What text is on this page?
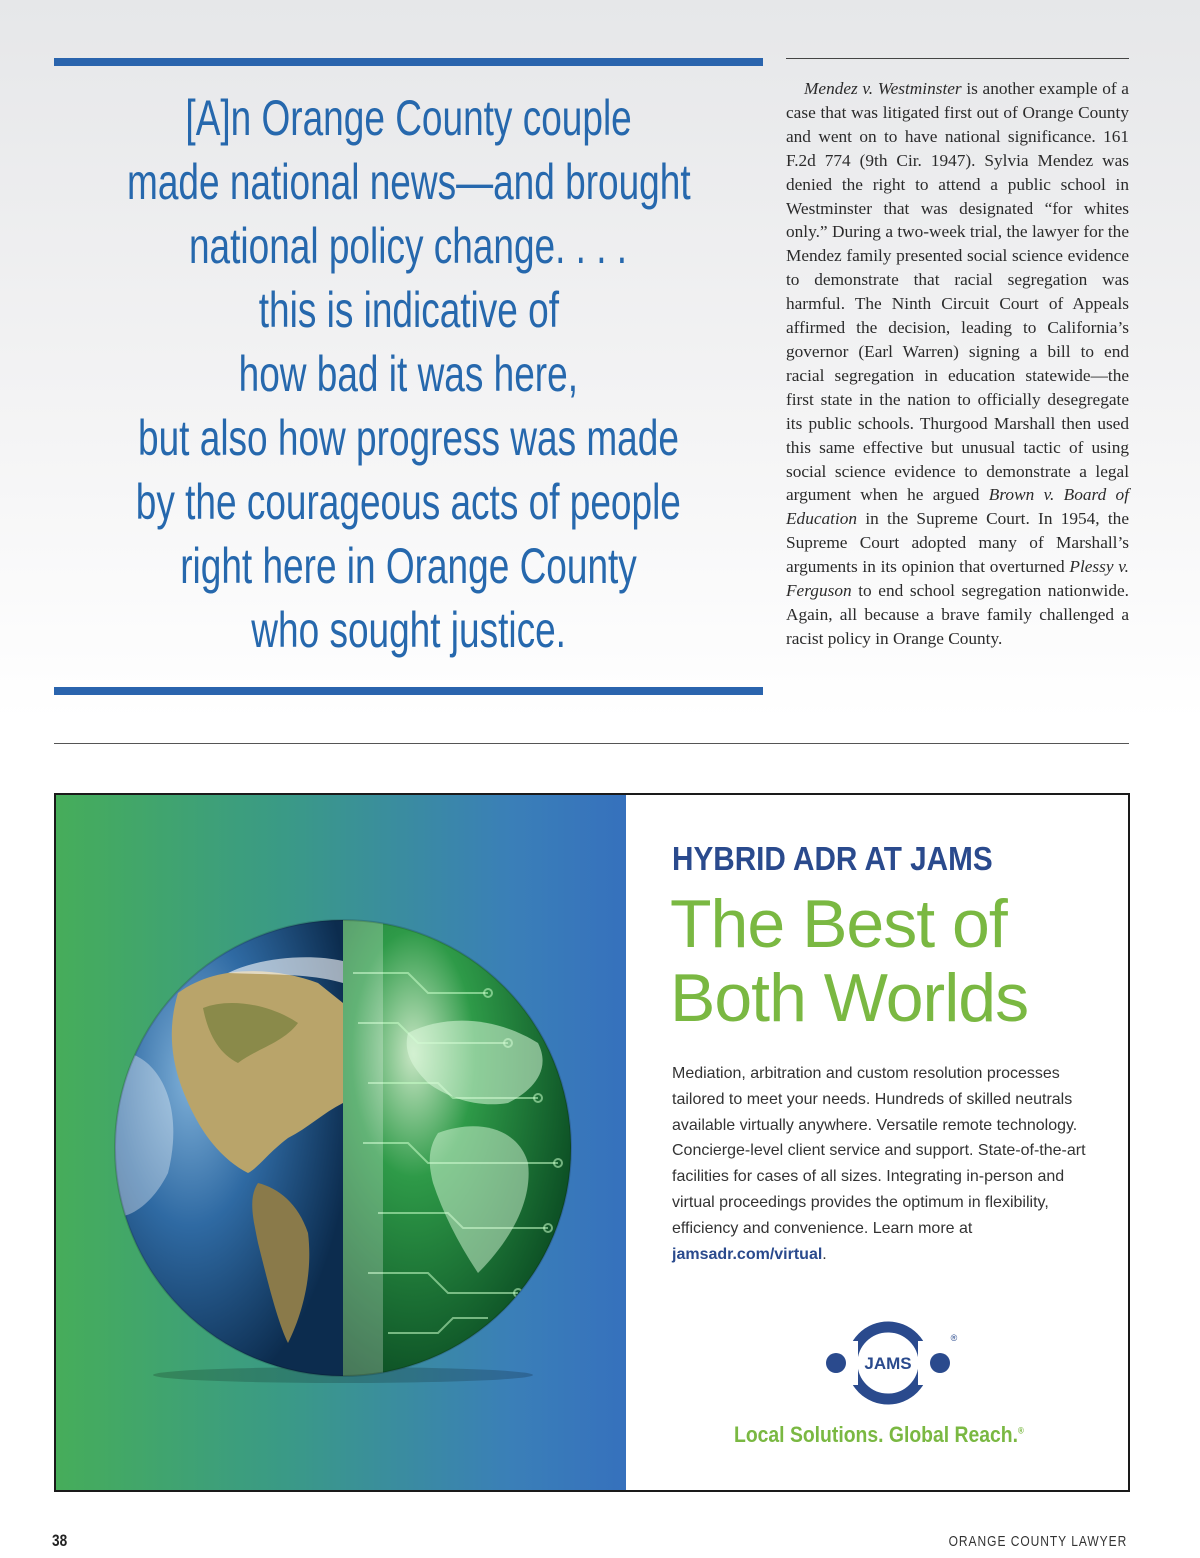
[A]n Orange County couple
made national news—and brought
national policy change. . . .
this is indicative of
how bad it was here,
but also how progress was made
by the courageous acts of people
right here in Orange County
who sought justice.

Mendez v. Westminster is another example of a case that was litigated first out of Orange County and went on to have national significance. 161 F.2d 774 (9th Cir. 1947). Sylvia Mendez was denied the right to attend a public school in Westminster that was designated “for whites only.” During a two-week trial, the lawyer for the Mendez family presented social science evidence to demonstrate that racial segregation was harmful. The Ninth Circuit Court of Appeals affirmed the decision, leading to California’s governor (Earl Warren) signing a bill to end racial segregation in education statewide—the first state in the nation to officially desegregate its public schools. Thurgood Marshall then used this same effective but unusual tactic of using social science evidence to demonstrate a legal argument when he argued Brown v. Board of Education in the Supreme Court. In 1954, the Supreme Court adopted many of Marshall’s arguments in its opinion that overturned Plessy v. Ferguson to end school segregation nationwide. Again, all because a brave family challenged a racist policy in Orange County.

HYBRID ADR AT JAMS
The Best of
Both Worlds
Mediation, arbitration and custom resolution processes tailored to meet your needs. Hundreds of skilled neutrals available virtually anywhere. Versatile remote technology. Concierge-level client service and support. State-of-the-art facilities for cases of all sizes. Integrating in-person and virtual proceedings provides the optimum in flexibility, efficiency and convenience. Learn more at jamsadr.com/virtual.
JAMS
®
Local Solutions. Global Reach.®
38	ORANGE COUNTY LAWYER
